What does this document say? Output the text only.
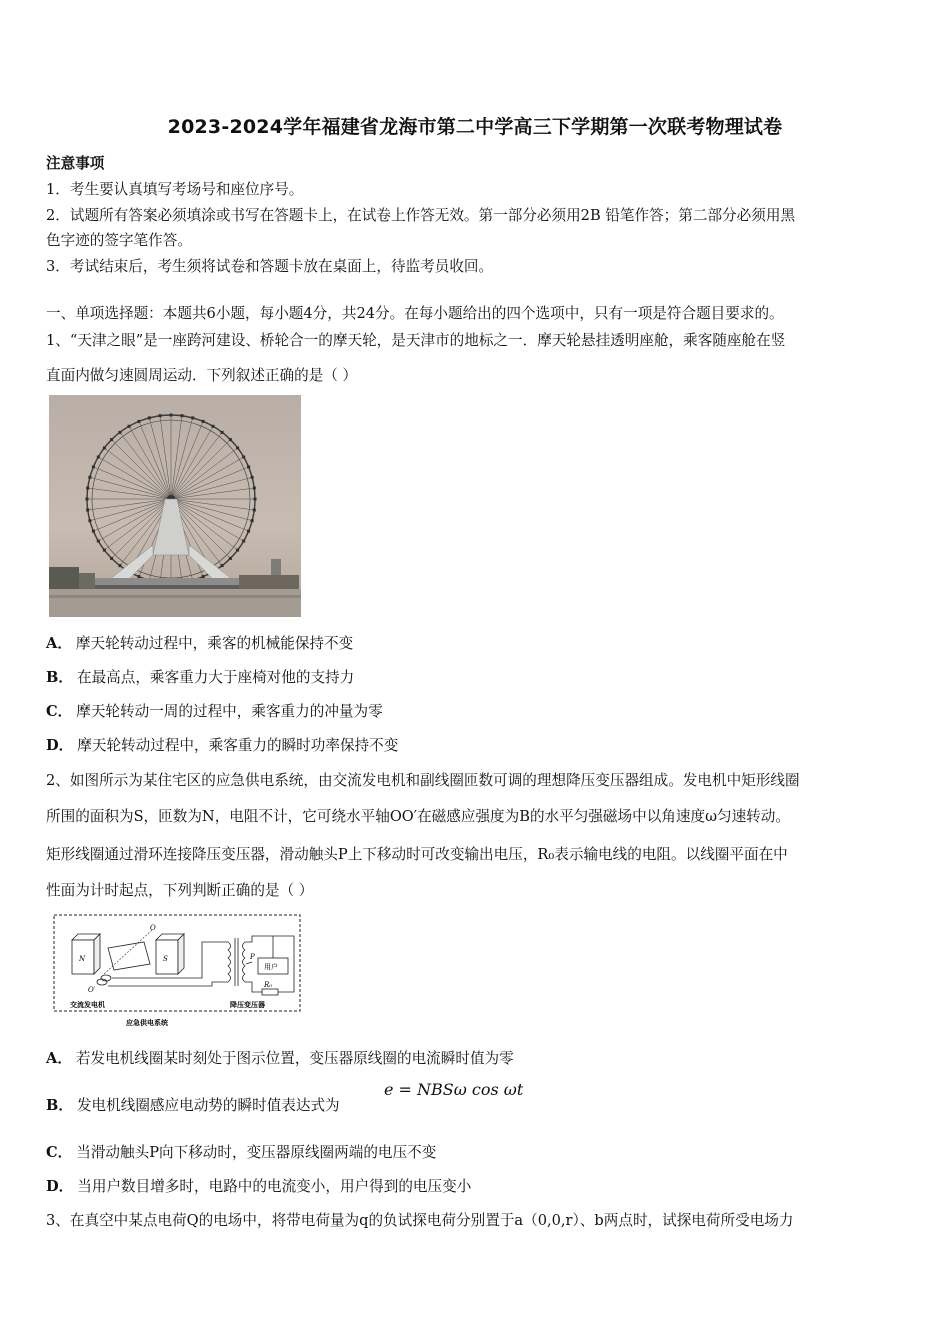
2023-2024学年福建省龙海市第二中学高三下学期第一次联考物理试卷
注意事项
1．考生要认真填写考场号和座位序号。
2．试题所有答案必须填涂或书写在答题卡上，在试卷上作答无效。第一部分必须用2B 铅笔作答；第二部分必须用黑
色字迹的签字笔作答。
3．考试结束后，考生须将试卷和答题卡放在桌面上，待监考员收回。
一、单项选择题：本题共6小题，每小题4分，共24分。在每小题给出的四个选项中，只有一项是符合题目要求的。
1、“天津之眼”是一座跨河建设、桥轮合一的摩天轮，是天津市的地标之一．摩天轮悬挂透明座舱，乘客随座舱在竖
直面内做匀速圆周运动．下列叙述正确的是（ ）
A． 摩天轮转动过程中，乘客的机械能保持不变
B． 在最高点，乘客重力大于座椅对他的支持力
C． 摩天轮转动一周的过程中，乘客重力的冲量为零
D． 摩天轮转动过程中，乘客重力的瞬时功率保持不变
2、如图所示为某住宅区的应急供电系统，由交流发电机和副线圈匝数可调的理想降压变压器组成。发电机中矩形线圈
所围的面积为S，匝数为N，电阻不计，它可绕水平轴OO′在磁感应强度为B的水平匀强磁场中以角速度ω匀速转动。
矩形线圈通过滑环连接降压变压器，滑动触头P上下移动时可改变输出电压，R₀表示输电线的电阻。以线圈平面在中
性面为计时起点，下列判断正确的是（ ）
N	S
O
O′
P
R₀
用户
交流发电机	降压变压器
应急供电系统
A． 若发电机线圈某时刻处于图示位置，变压器原线圈的电流瞬时值为零
B． 发电机线圈感应电动势的瞬时值表达式为
e = NBSω cos ωt
C． 当滑动触头P向下移动时，变压器原线圈两端的电压不变
D． 当用户数目增多时，电路中的电流变小，用户得到的电压变小
3、在真空中某点电荷Q的电场中，将带电荷量为q的负试探电荷分别置于a（0,0,r）、b两点时，试探电荷所受电场力
